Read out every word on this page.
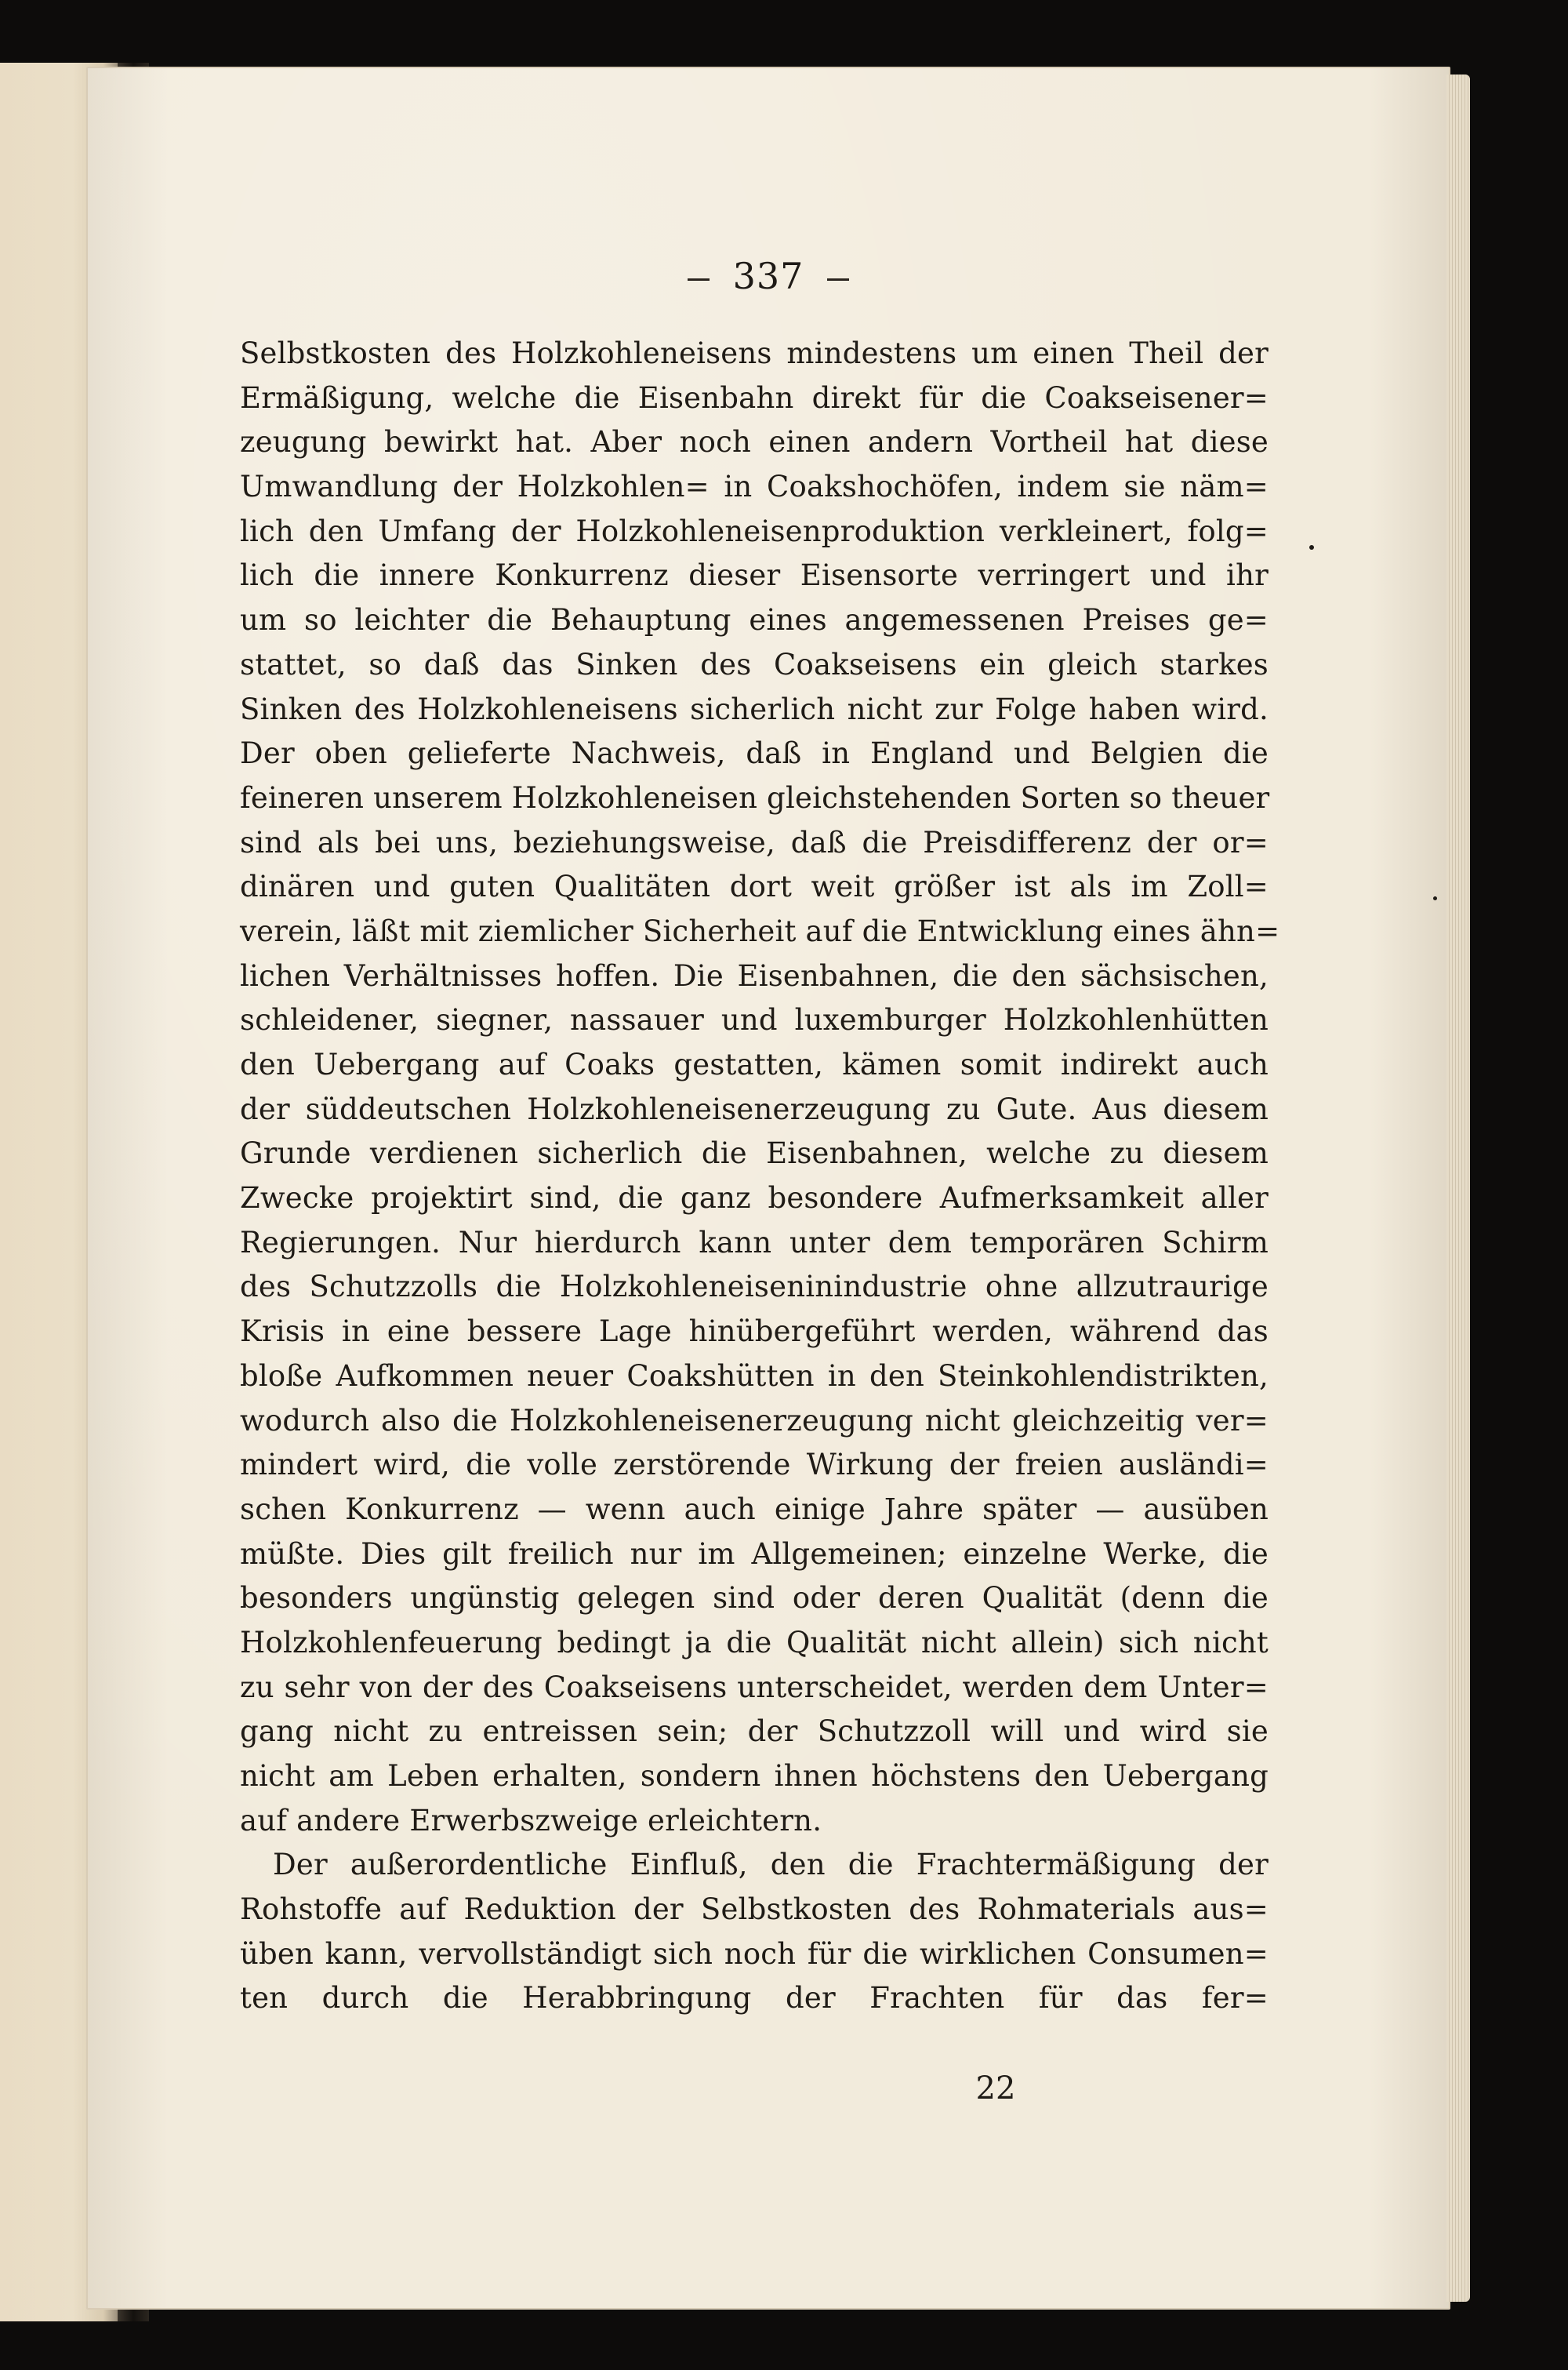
337
Selbstkosten des Holzkohleneisens mindestens um einen Theil der
Ermäßigung, welche die Eisenbahn direkt für die Coakseisener=
zeugung bewirkt hat. Aber noch einen andern Vortheil hat diese
Umwandlung der Holzkohlen= in Coakshochöfen, indem sie näm=
lich den Umfang der Holzkohleneisenproduktion verkleinert, folg=
lich die innere Konkurrenz dieser Eisensorte verringert und ihr
um so leichter die Behauptung eines angemessenen Preises ge=
stattet, so daß das Sinken des Coakseisens ein gleich starkes
Sinken des Holzkohleneisens sicherlich nicht zur Folge haben wird.
Der oben gelieferte Nachweis, daß in England und Belgien die
feineren unserem Holzkohleneisen gleichstehenden Sorten so theuer
sind als bei uns, beziehungsweise, daß die Preisdifferenz der or=
dinären und guten Qualitäten dort weit größer ist als im Zoll=
verein, läßt mit ziemlicher Sicherheit auf die Entwicklung eines ähn=
lichen Verhältnisses hoffen. Die Eisenbahnen, die den sächsischen,
schleidener, siegner, nassauer und luxemburger Holzkohlenhütten
den Uebergang auf Coaks gestatten, kämen somit indirekt auch
der süddeutschen Holzkohleneisenerzeugung zu Gute. Aus diesem
Grunde verdienen sicherlich die Eisenbahnen, welche zu diesem
Zwecke projektirt sind, die ganz besondere Aufmerksamkeit aller
Regierungen. Nur hierdurch kann unter dem temporären Schirm
des Schutzzolls die Holzkohleneiseninindustrie ohne allzutraurige
Krisis in eine bessere Lage hinübergeführt werden, während das
bloße Aufkommen neuer Coakshütten in den Steinkohlendistrikten,
wodurch also die Holzkohleneisenerzeugung nicht gleichzeitig ver=
mindert wird, die volle zerstörende Wirkung der freien ausländi=
schen Konkurrenz — wenn auch einige Jahre später — ausüben
müßte. Dies gilt freilich nur im Allgemeinen; einzelne Werke, die
besonders ungünstig gelegen sind oder deren Qualität (denn die
Holzkohlenfeuerung bedingt ja die Qualität nicht allein) sich nicht
zu sehr von der des Coakseisens unterscheidet, werden dem Unter=
gang nicht zu entreissen sein; der Schutzzoll will und wird sie
nicht am Leben erhalten, sondern ihnen höchstens den Uebergang
auf andere Erwerbszweige erleichtern.
Der außerordentliche Einfluß, den die Frachtermäßigung der
Rohstoffe auf Reduktion der Selbstkosten des Rohmaterials aus=
üben kann, vervollständigt sich noch für die wirklichen Consumen=
ten durch die Herabbringung der Frachten für das fer=
22
